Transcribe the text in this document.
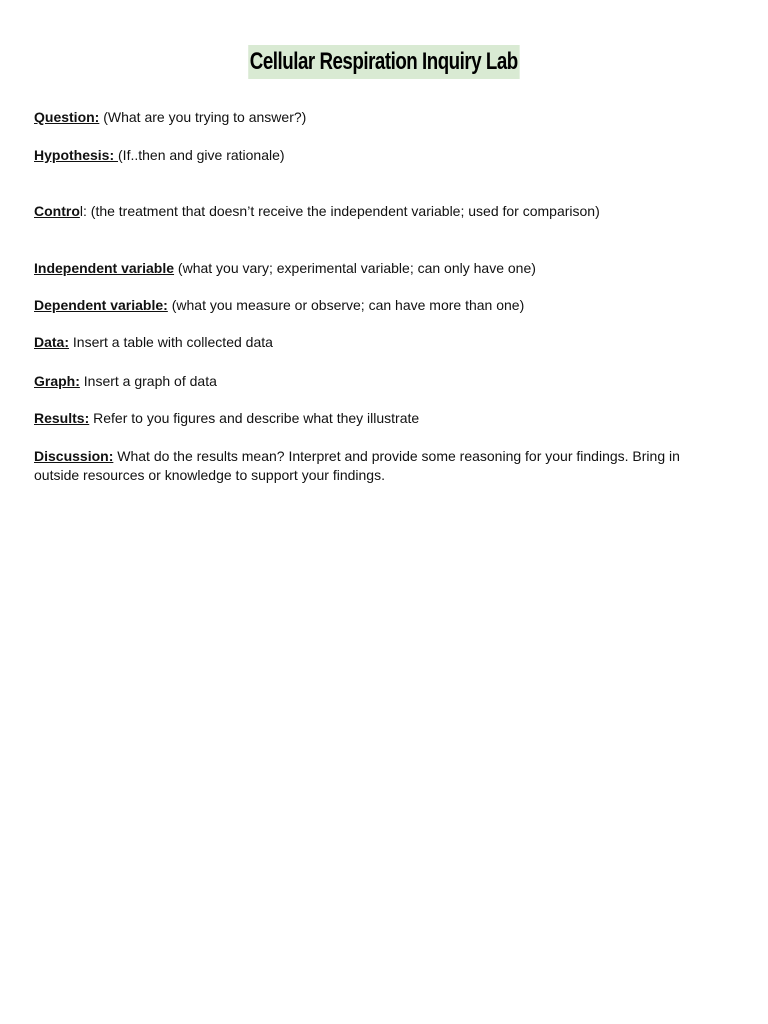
Cellular Respiration Inquiry Lab
Question: (What are you trying to answer?)
Hypothesis: (If..then and give rationale)
Control: (the treatment that doesn’t receive the independent variable; used for comparison)
Independent variable (what you vary; experimental variable; can only have one)
Dependent variable: (what you measure or observe; can have more than one)
Data: Insert a table with collected data
Graph: Insert a graph of data
Results: Refer to you figures and describe what they illustrate
Discussion: What do the results mean? Interpret and provide some reasoning for your findings. Bring in outside resources or knowledge to support your findings.
